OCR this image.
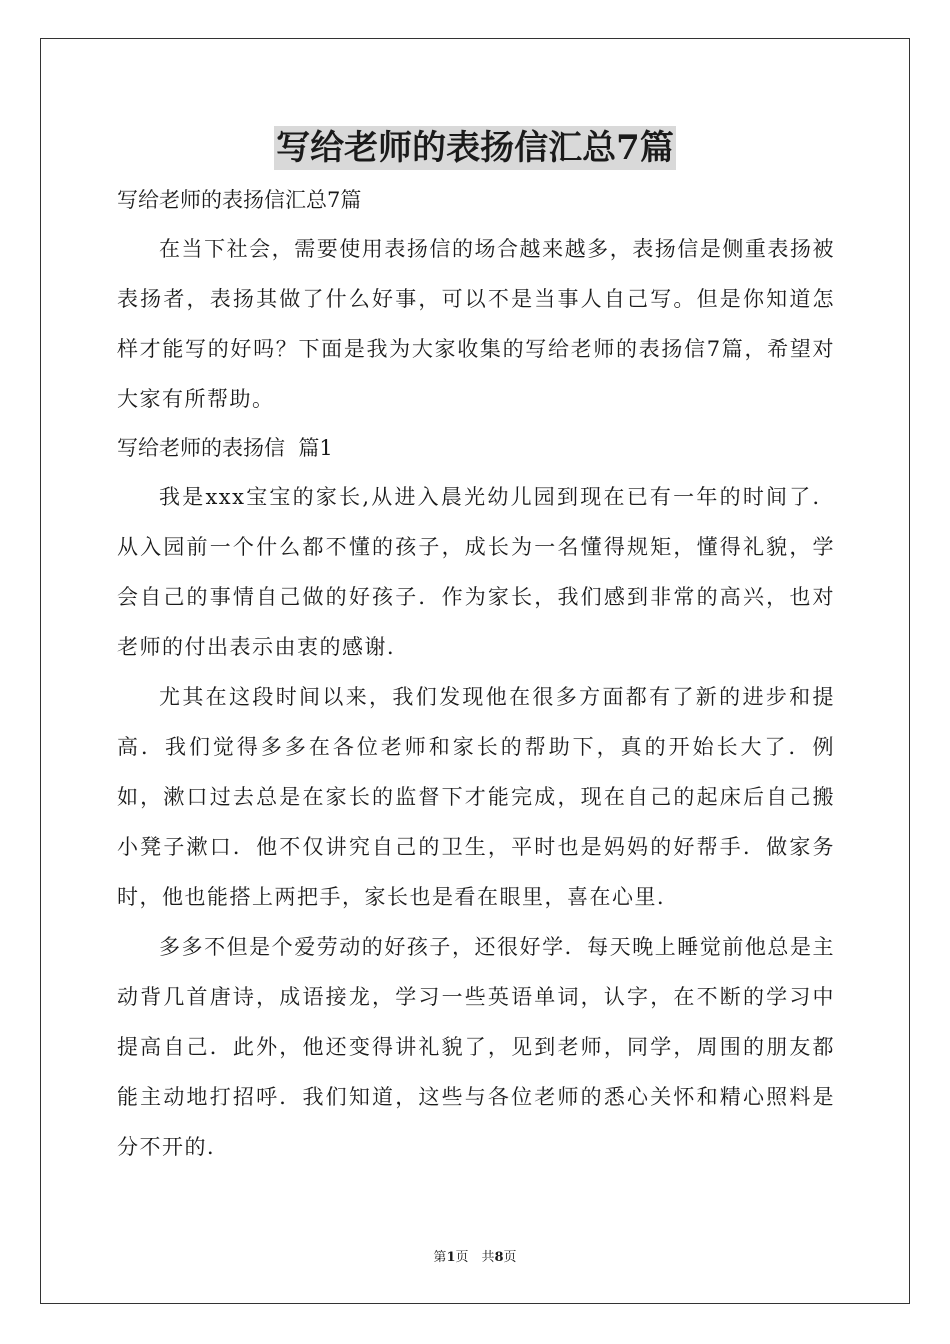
写给老师的表扬信汇总7篇

写给老师的表扬信汇总7篇

在当下社会，需要使用表扬信的场合越来越多，表扬信是侧重表扬被表扬者，表扬其做了什么好事，可以不是当事人自己写。但是你知道怎样才能写的好吗？下面是我为大家收集的写给老师的表扬信7篇，希望对大家有所帮助。

写给老师的表扬信  篇1

我是xxx宝宝的家长,从进入晨光幼儿园到现在已有一年的时间了．从入园前一个什么都不懂的孩子，成长为一名懂得规矩，懂得礼貌，学会自己的事情自己做的好孩子．作为家长，我们感到非常的高兴，也对老师的付出表示由衷的感谢．

尤其在这段时间以来，我们发现他在很多方面都有了新的进步和提高．我们觉得多多在各位老师和家长的帮助下，真的开始长大了．例如，漱口过去总是在家长的监督下才能完成，现在自己的起床后自己搬小凳子漱口．他不仅讲究自己的卫生，平时也是妈妈的好帮手．做家务时，他也能搭上两把手，家长也是看在眼里，喜在心里．

多多不但是个爱劳动的好孩子，还很好学．每天晚上睡觉前他总是主动背几首唐诗，成语接龙，学习一些英语单词，认字，在不断的学习中提高自己．此外，他还变得讲礼貌了，见到老师，同学，周围的朋友都能主动地打招呼．我们知道，这些与各位老师的悉心关怀和精心照料是分不开的．

第1页　共8页
